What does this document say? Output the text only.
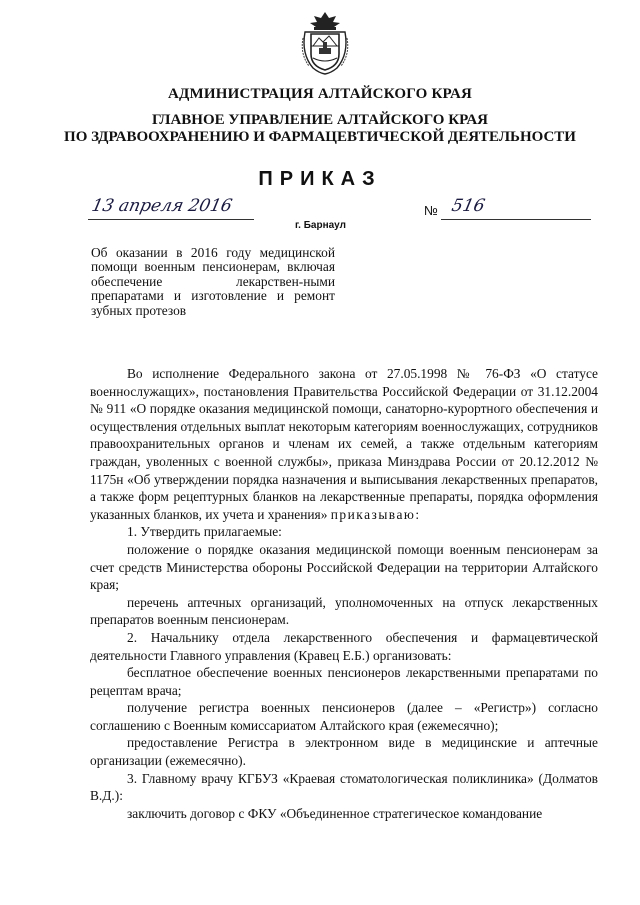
АДМИНИСТРАЦИЯ АЛТАЙСКОГО КРАЯ
ГЛАВНОЕ УПРАВЛЕНИЕ АЛТАЙСКОГО КРАЯ
ПО ЗДРАВООХРАНЕНИЮ И ФАРМАЦЕВТИЧЕСКОЙ ДЕЯТЕЛЬНОСТИ
ПРИКАЗ
13 апреля 2016
г. Барнаул
№ 516
Об оказании в 2016 году медицинской помощи военным пенсионерам, включая обеспечение лекарствен-ными препаратами и изготовление и ремонт зубных протезов

Во исполнение Федерального закона от 27.05.1998 № 76-ФЗ «О статусе военнослужащих», постановления Правительства Российской Федерации от 31.12.2004 № 911 «О порядке оказания медицинской помощи, санаторно-курортного обеспечения и осуществления отдельных выплат некоторым категориям военнослужащих, сотрудников правоохранительных органов и членам их семей, а также отдельным категориям граждан, уволенных с военной службы», приказа Минздрава России от 20.12.2012 № 1175н «Об утверждении порядка назначения и выписывания лекарственных препаратов, а также форм рецептурных бланков на лекарственные препараты, порядка оформления указанных бланков, их учета и хранения» приказываю:

1. Утвердить прилагаемые:

положение о порядке оказания медицинской помощи военным пенсионерам за счет средств Министерства обороны Российской Федерации на территории Алтайского края;

перечень аптечных организаций, уполномоченных на отпуск лекарственных препаратов военным пенсионерам.

2. Начальнику отдела лекарственного обеспечения и фармацевтической деятельности Главного управления (Кравец Е.Б.) организовать:

бесплатное обеспечение военных пенсионеров лекарственными препаратами по рецептам врача;

получение регистра военных пенсионеров (далее – «Регистр») согласно соглашению с Военным комиссариатом Алтайского края (ежемесячно);

предоставление Регистра в электронном виде в медицинские и аптечные организации (ежемесячно).

3. Главному врачу КГБУЗ «Краевая стоматологическая поликлиника» (Долматов В.Д.):

заключить договор с ФКУ «Объединенное стратегическое командование
